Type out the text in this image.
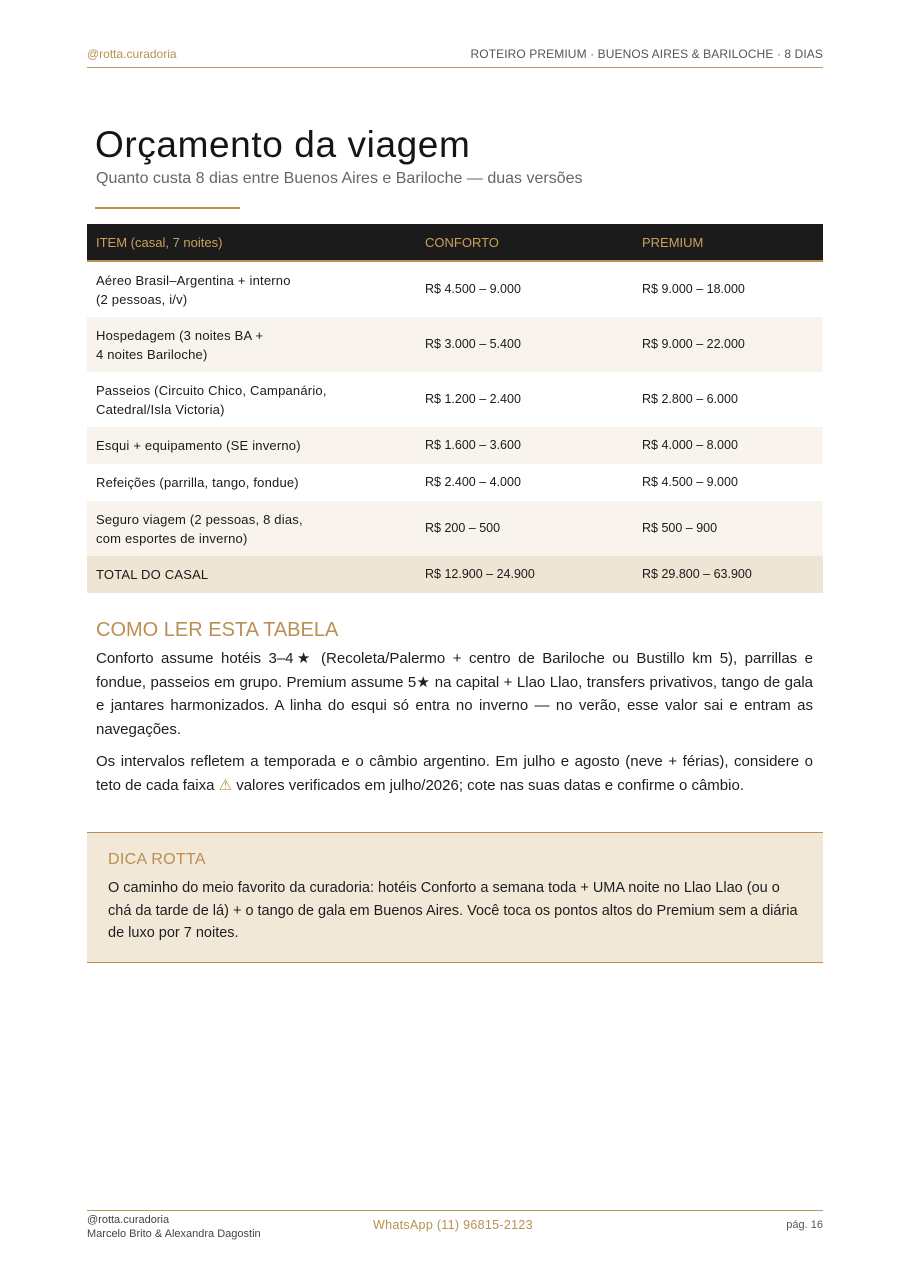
@rotta.curadoria	ROTEIRO PREMIUM · BUENOS AIRES & BARILOCHE · 8 DIAS
Orçamento da viagem
Quanto custa 8 dias entre Buenos Aires e Bariloche — duas versões
ITEM (casal, 7 noites)	CONFORTO	PREMIUM
Aéreo Brasil–Argentina + interno
(2 pessoas, i/v)	R$ 4.500 – 9.000	R$ 9.000 – 18.000
Hospedagem (3 noites BA +
4 noites Bariloche)	R$ 3.000 – 5.400	R$ 9.000 – 22.000
Passeios (Circuito Chico, Campanário,
Catedral/Isla Victoria)	R$ 1.200 – 2.400	R$ 2.800 – 6.000
Esqui + equipamento (SE inverno)	R$ 1.600 – 3.600	R$ 4.000 – 8.000
Refeições (parrilla, tango, fondue)	R$ 2.400 – 4.000	R$ 4.500 – 9.000
Seguro viagem (2 pessoas, 8 dias,
com esportes de inverno)	R$ 200 – 500	R$ 500 – 900
TOTAL DO CASAL	R$ 12.900 – 24.900	R$ 29.800 – 63.900
COMO LER ESTA TABELA

Conforto assume hotéis 3–4★ (Recoleta/Palermo + centro de Bariloche ou Bustillo km 5), parrillas e fondue, passeios em grupo. Premium assume 5★ na capital + Llao Llao, transfers privativos, tango de gala e jantares harmonizados. A linha do esqui só entra no inverno — no verão, esse valor sai e entram as navegações.

Os intervalos refletem a temporada e o câmbio argentino. Em julho e agosto (neve + férias), considere o teto de cada faixa ⚠ valores verificados em julho/2026; cote nas suas datas e confirme o câmbio.

DICA ROTTA

O caminho do meio favorito da curadoria: hotéis Conforto a semana toda + UMA noite no Llao Llao (ou o chá da tarde de lá) + o tango de gala em Buenos Aires. Você toca os pontos altos do Premium sem a diária de luxo por 7 noites.

@rotta.curadoria
Marcelo Brito & Alexandra Dagostin
WhatsApp (11) 96815-2123	pág. 16
